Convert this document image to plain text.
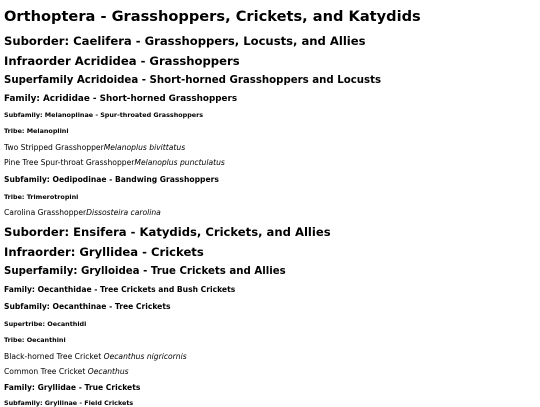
Orthoptera - Grasshoppers, Crickets, and Katydids
Suborder: Caelifera - Grasshoppers, Locusts, and Allies
Infraorder Acrididea - Grasshoppers
Superfamily Acridoidea - Short-horned Grasshoppers and Locusts
Family: Acrididae - Short-horned Grasshoppers
Subfamily: Melanoplinae - Spur-throated Grasshoppers
Tribe: Melanoplini
Two Stripped GrasshopperMelanoplus bivittatus
Pine Tree Spur-throat GrasshopperMelanoplus punctulatus
Subfamily: Oedipodinae - Bandwing Grasshoppers
Tribe: Trimerotropini
Carolina GrasshopperDissosteira carolina
Suborder: Ensifera - Katydids, Crickets, and Allies
Infraorder: Gryllidea - Crickets
Superfamily: Grylloidea - True Crickets and Allies
Family: Oecanthidae - Tree Crickets and Bush Crickets
Subfamily: Oecanthinae - Tree Crickets
Supertribe: Oecanthidi
Tribe: Oecanthini
Black-horned Tree Cricket Oecanthus nigricornis
Common Tree Cricket Oecanthus
Family: Gryllidae - True Crickets
Subfamily: Gryllinae - Field Crickets
